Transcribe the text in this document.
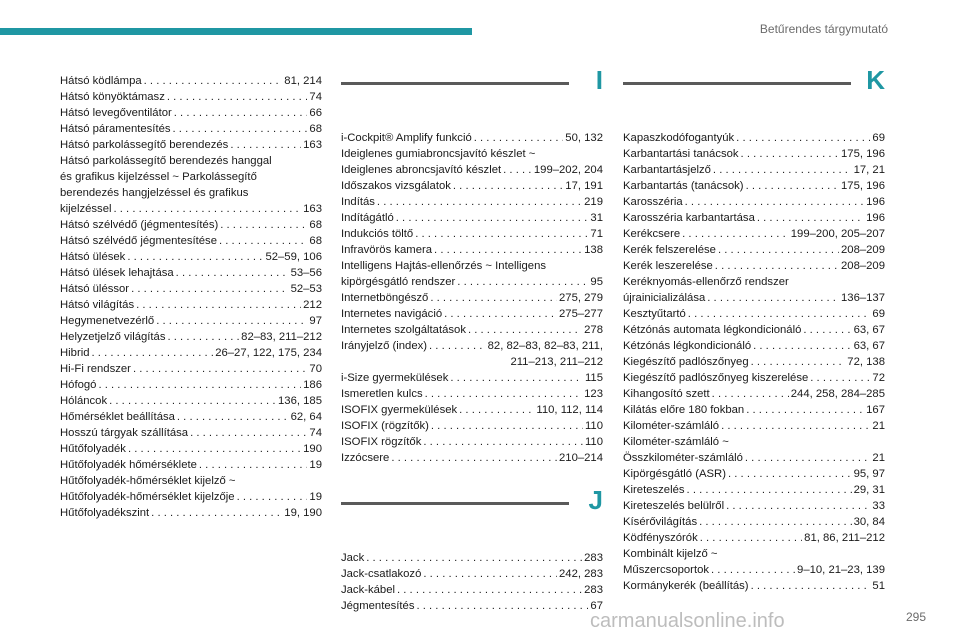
Betűrendes tárgymutató
Hátsó ködlámpa . . .	81, 214
Hátsó könyöktámasz . . .	74
Hátsó levegőventilátor . . .	66
Hátsó páramentesítés . . .	68
Hátsó parkolássegítő berendezés . . .	163
Hátsó parkolássegítő berendezés hanggal
és grafikus kijelzéssel ~ Parkolássegítő
berendezés hangjelzéssel és grafikus
kijelzéssel . . .	163
Hátsó szélvédő (jégmentesítés) . . .	68
Hátsó szélvédő jégmentesítése . . .	68
Hátsó ülések . . .	52–59, 106
Hátsó ülések lehajtása . . .	53–56
Hátsó üléssor . . .	52–53
Hátsó világítás . . .	212
Hegymenetvezérlő . . .	97
Helyzetjelző világítás . . .	82–83, 211–212
Hibrid . . .	26–27, 122, 175, 234
Hi-Fi rendszer . . .	70
Hófogó . . .	186
Hóláncok . . .	136, 185
Hőmérséklet beállítása . . .	62, 64
Hosszú tárgyak szállítása . . .	74
Hűtőfolyadék . . .	190
Hűtőfolyadék hőmérséklete . . .	19
Hűtőfolyadék-hőmérséklet kijelző ~
Hűtőfolyadék-hőmérséklet kijelzője . . .	19
Hűtőfolyadékszint . . .	19, 190
I
i-Cockpit® Amplify funkció . . .	50, 132
Ideiglenes gumiabroncsjavító készlet ~
Ideiglenes abroncsjavító készlet . . .	199–202, 204
Időszakos vizsgálatok . . .	17, 191
Indítás . . .	219
Indítágátló . . .	31
Indukciós töltő . . .	71
Infravörös kamera . . .	138
Intelligens Hajtás-ellenőrzés ~ Intelligens
kipörgésgátló rendszer . . .	95
Internetböngésző . . .	275, 279
Internetes navigáció . . .	275–277
Internetes szolgáltatások . . .	278
Irányjelző (index) . . .	82, 82–83, 82–83, 211,
211–213, 211–212
i-Size gyermekülések . . .	115
Ismeretlen kulcs . . .	123
ISOFIX gyermekülések . . .	110, 112, 114
ISOFIX (rögzítők) . . .	110
ISOFIX rögzítők . . .	110
Izzócsere . . .	210–214
J
Jack . . .	283
Jack-csatlakozó . . .	242, 283
Jack-kábel . . .	283
Jégmentesítés . . .	67
K
Kapaszkodófogantyúk . . .	69
Karbantartási tanácsok . . .	175, 196
Karbantartásjelző . . .	17, 21
Karbantartás (tanácsok) . . .	175, 196
Karosszéria . . .	196
Karosszéria karbantartása . . .	196
Kerékcsere . . .	199–200, 205–207
Kerék felszerelése . . .	208–209
Kerék leszerelése . . .	208–209
Keréknyomás-ellenőrző rendszer
újrainicializálása . . .	136–137
Kesztyűtartó . . .	69
Kétzónás automata légkondicionáló . . .	63, 67
Kétzónás légkondicionáló . . .	63, 67
Kiegészítő padlószőnyeg . . .	72, 138
Kiegészítő padlószőnyeg kiszerelése . . .	72
Kihangosító szett . . .	244, 258, 284–285
Kilátás előre 180 fokban . . .	167
Kilométer-számláló . . .	21
Kilométer-számláló ~
Összkilométer-számláló . . .	21
Kipörgésgátló (ASR) . . .	95, 97
Kireteszelés . . .	29, 31
Kireteszelés belülről . . .	33
Kísérővilágítás . . .	30, 84
Ködfényszórók . . .	81, 86, 211–212
Kombinált kijelző ~
Műszercsoportok . . .	9–10, 21–23, 139
Kormánykerék (beállítás) . . .	51
295
carmanualsonline.info
